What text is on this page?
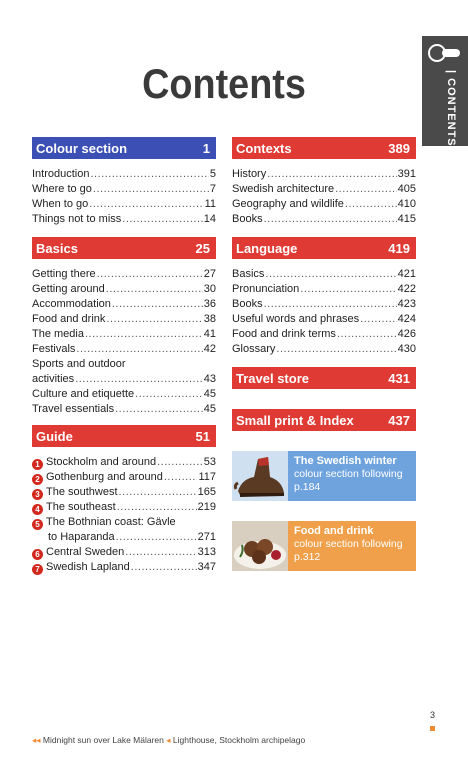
| CONTENTS |
Contents
Colour section	1
Introduction .....	5
Where to go .....	7
When to go .....	11
Things not to miss .....	14
Basics	25
Getting there .....	27
Getting around .....	30
Accommodation .....	36
Food and drink .....	38
The media .....	41
Festivals .....	42
Sports and outdoor
activities .....	43
Culture and etiquette .....	45
Travel essentials .....	45
Guide	51
1 Stockholm and around .....	53
2 Gothenburg and around .....	117
3 The southwest .....	165
4 The southeast .....	219
5 The Bothnian coast: Gävle
to Haparanda .....	271
6 Central Sweden .....	313
7 Swedish Lapland .....	347
Contexts	389
History .....	391
Swedish architecture .....	405
Geography and wildlife .....	410
Books .....	415
Language	419
Basics .....	421
Pronunciation .....	422
Books .....	423
Useful words and phrases .....	424
Food and drink terms .....	426
Glossary .....	430
Travel store	431
Small print & Index	437
The Swedish winter
colour section following
p.184
Food and drink
colour section following
p.312
3
◂◂ Midnight sun over Lake Mälaren ◂ Lighthouse, Stockholm archipelago
